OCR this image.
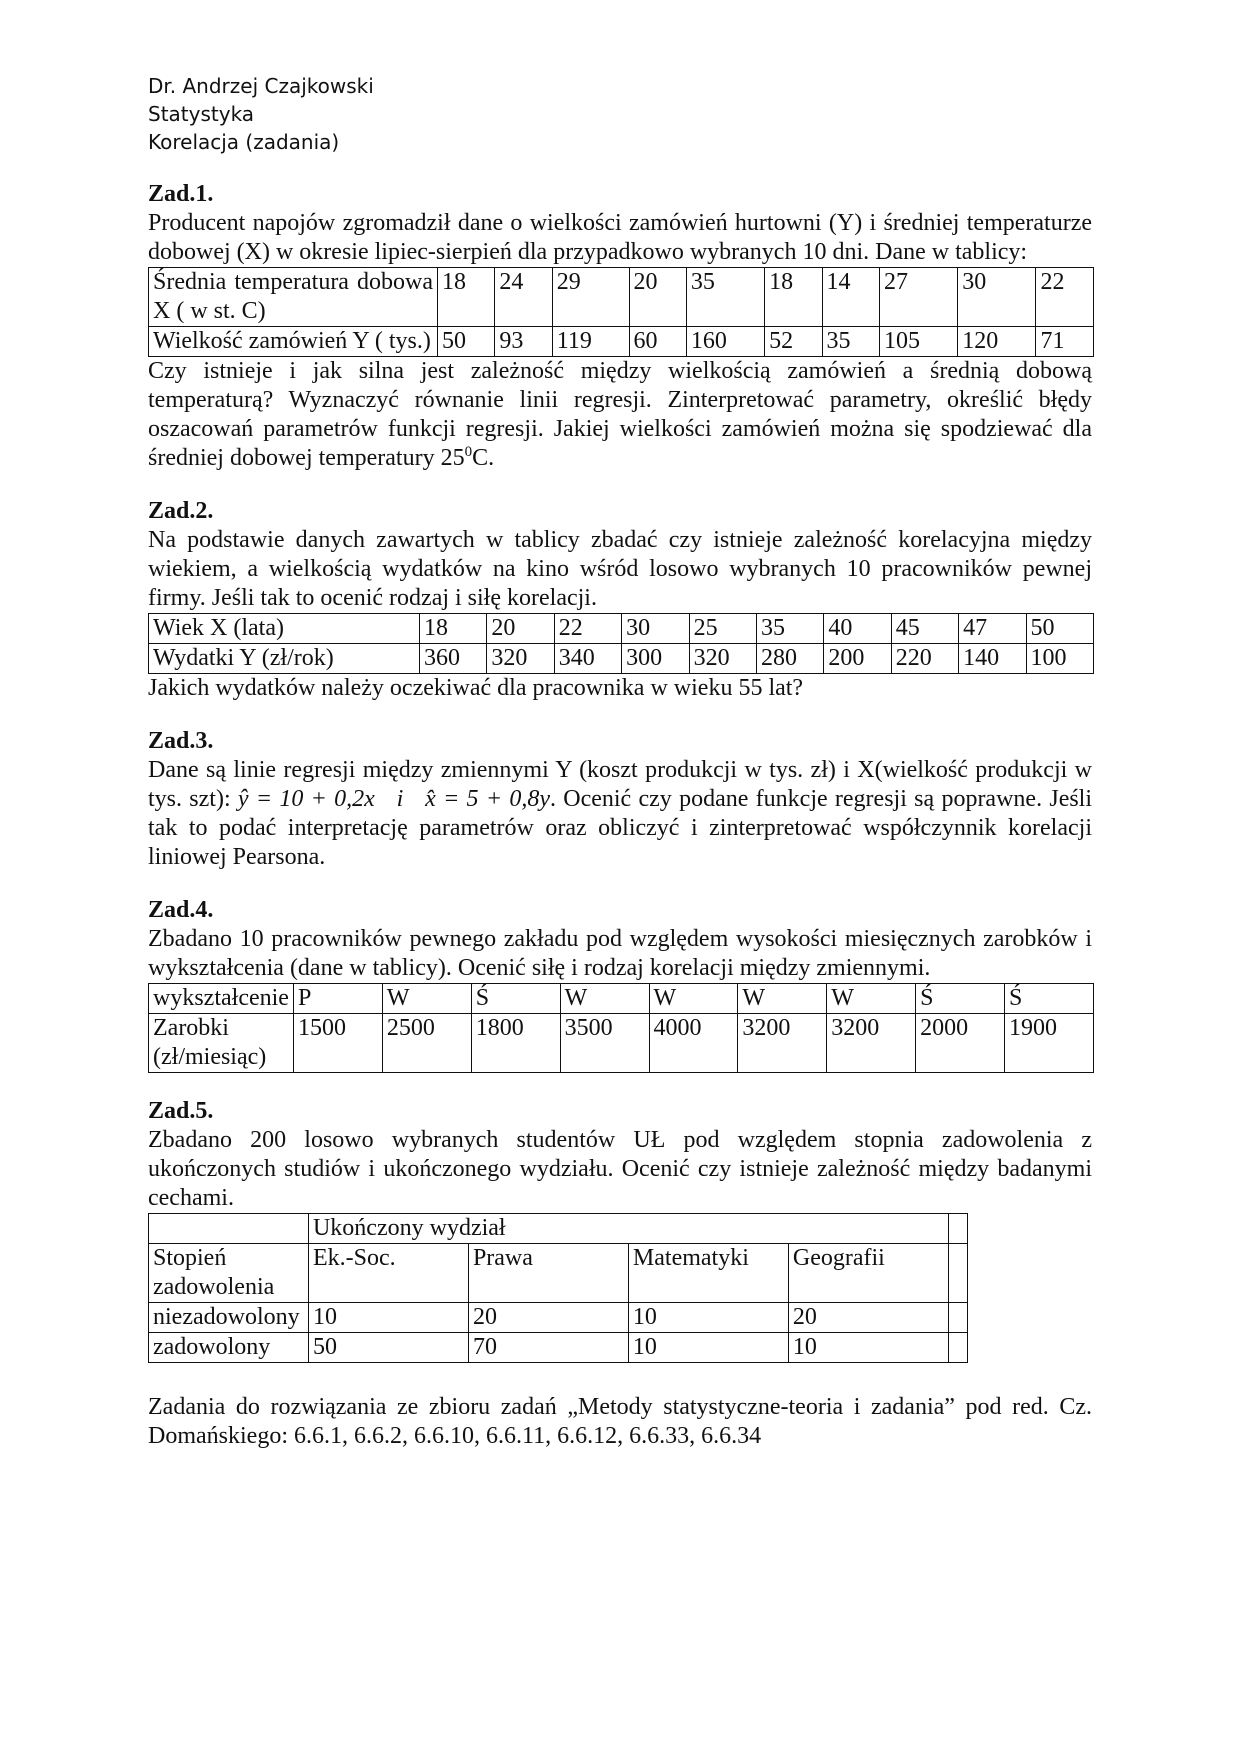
Dr. Andrzej Czajkowski
Statystyka
Korelacja (zadania)
Zad.1.
Producent napojów zgromadził dane o wielkości zamówień hurtowni (Y) i średniej temperaturze dobowej (X) w okresie lipiec-sierpień dla przypadkowo wybranych 10 dni. Dane w tablicy:
Średnia temperatura dobowa X ( w st. C)	18	24	29	20	35	18	14	27	30	22
Wielkość zamówień Y ( tys.)	50	93	119	60	160	52	35	105	120	71
Czy istnieje i jak silna jest zależność między wielkością zamówień a średnią dobową temperaturą? Wyznaczyć równanie linii regresji. Zinterpretować parametry, określić błędy oszacowań parametrów funkcji regresji. Jakiej wielkości zamówień można się spodziewać dla średniej dobowej temperatury $25^0C$.
Zad.2.
Na podstawie danych zawartych w tablicy zbadać czy istnieje zależność korelacyjna między wiekiem, a wielkością wydatków na kino wśród losowo wybranych 10 pracowników pewnej firmy. Jeśli tak to ocenić rodzaj i siłę korelacji.
Wiek X (lata)	18	20	22	30	25	35	40	45	47	50
Wydatki Y (zł/rok)	360	320	340	300	320	280	200	220	140	100
Jakich wydatków należy oczekiwać dla pracownika w wieku 55 lat?
Zad.3.
Dane są linie regresji między zmiennymi Y (koszt produkcji w tys. zł) i X(wielkość produkcji w tys. szt): ŷ = 10 + 0,2x i x̂ = 5 + 0,8y. Ocenić czy podane funkcje regresji są poprawne. Jeśli tak to podać interpretację parametrów oraz obliczyć i zinterpretować współczynnik korelacji liniowej Pearsona.
Zad.4.
Zbadano 10 pracowników pewnego zakładu pod względem wysokości miesięcznych zarobków i wykształcenia (dane w tablicy). Ocenić siłę i rodzaj korelacji między zmiennymi.
wykształcenie	P	W	Ś	W	W	W	W	Ś	Ś
Zarobki (zł/miesiąc)	1500	2500	1800	3500	4000	3200	3200	2000	1900
Zad.5.
Zbadano 200 losowo wybranych studentów UŁ pod względem stopnia zadowolenia z ukończonych studiów i ukończonego wydziału. Ocenić czy istnieje zależność między badanymi cechami.
	Ukończony wydział				
Stopień zadowolenia	Ek.-Soc.	Prawa	Matematyki	Geografii	
niezadowolony	10	20	10	20	
zadowolony	50	70	10	10	
Zadania do rozwiązania ze zbioru zadań „Metody statystyczne-teoria i zadania” pod red. Cz. Domańskiego: 6.6.1, 6.6.2, 6.6.10, 6.6.11, 6.6.12, 6.6.33, 6.6.34
